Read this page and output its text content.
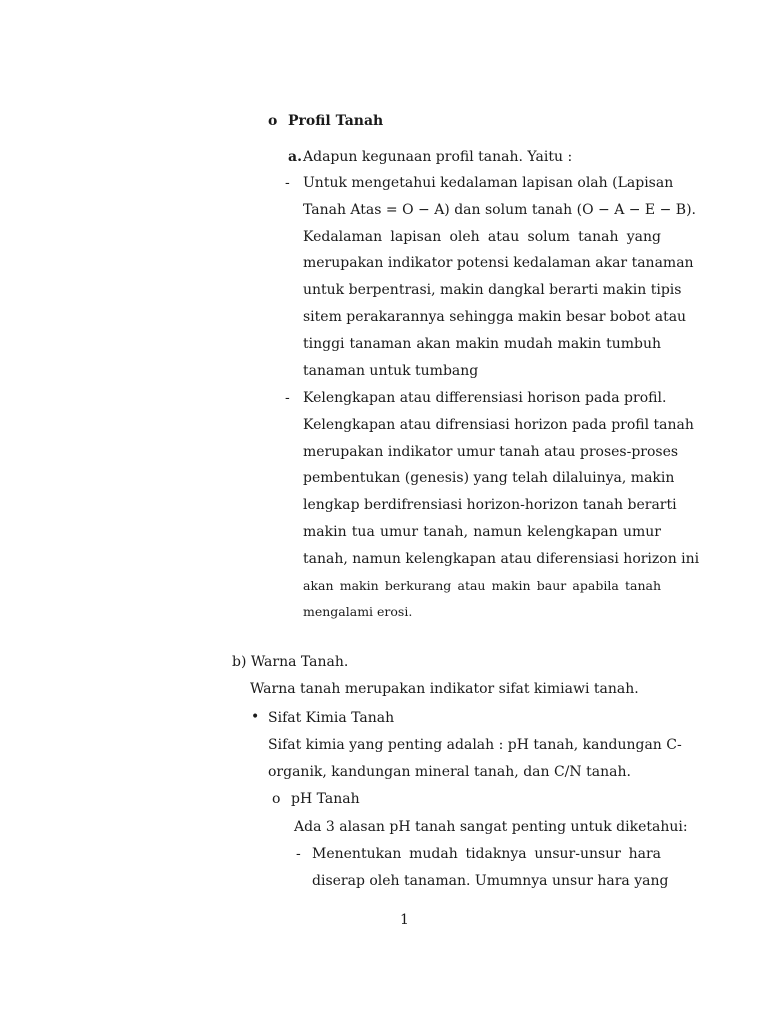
o Profil Tanah
a. Adapun kegunaan profil tanah. Yaitu :
- Untuk mengetahui kedalaman lapisan olah (Lapisan
Tanah Atas = O − A) dan solum tanah (O − A − E − B).
Kedalaman lapisan oleh atau solum tanah yang
merupakan indikator potensi kedalaman akar tanaman
untuk berpentrasi, makin dangkal berarti makin tipis
sitem perakarannya sehingga makin besar bobot atau
tinggi tanaman akan makin mudah makin tumbuh
tanaman untuk tumbang
- Kelengkapan atau differensiasi horison pada profil.
Kelengkapan atau difrensiasi horizon pada profil tanah
merupakan indikator umur tanah atau proses-proses
pembentukan (genesis) yang telah dilaluinya, makin
lengkap berdifrensiasi horizon-horizon tanah berarti
makin tua umur tanah, namun kelengkapan umur
tanah, namun kelengkapan atau diferensiasi horizon ini
akan makin berkurang atau makin baur apabila tanah
mengalami erosi.
b) Warna Tanah.
Warna tanah merupakan indikator sifat kimiawi tanah.
• Sifat Kimia Tanah
Sifat kimia yang penting adalah : pH tanah, kandungan C-
organik, kandungan mineral tanah, dan C/N tanah.
o pH Tanah
Ada 3 alasan pH tanah sangat penting untuk diketahui:
- Menentukan mudah tidaknya unsur-unsur hara
diserap oleh tanaman. Umumnya unsur hara yang
1
